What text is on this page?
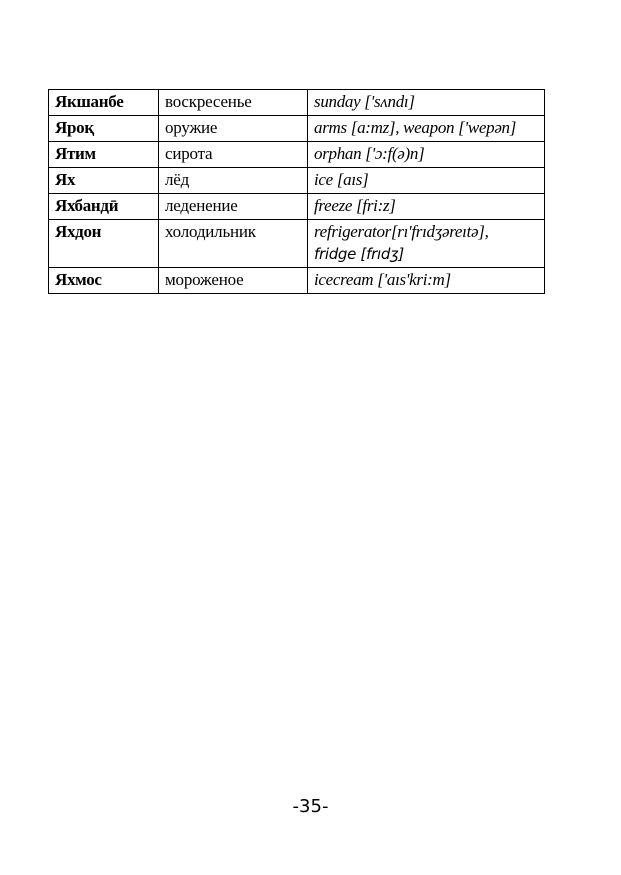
Якшанбе	воскресенье	sunday ['sʌndı]
Ярoқ	оружие	arms [a:mz], weapon ['wepən]
Ятим	сирота	orphan ['ɔ:f(ə)n]
Ях	лёд	ice [aıs]
Яхбандӣ	леденение	freeze [fri:z]
Яхдон	холодильник	refrigerator[rı'frıdʒəreıtə],
fridge [frıdʒ]
Яхмос	мороженое	icecream ['aıs'kri:m]
-35-
